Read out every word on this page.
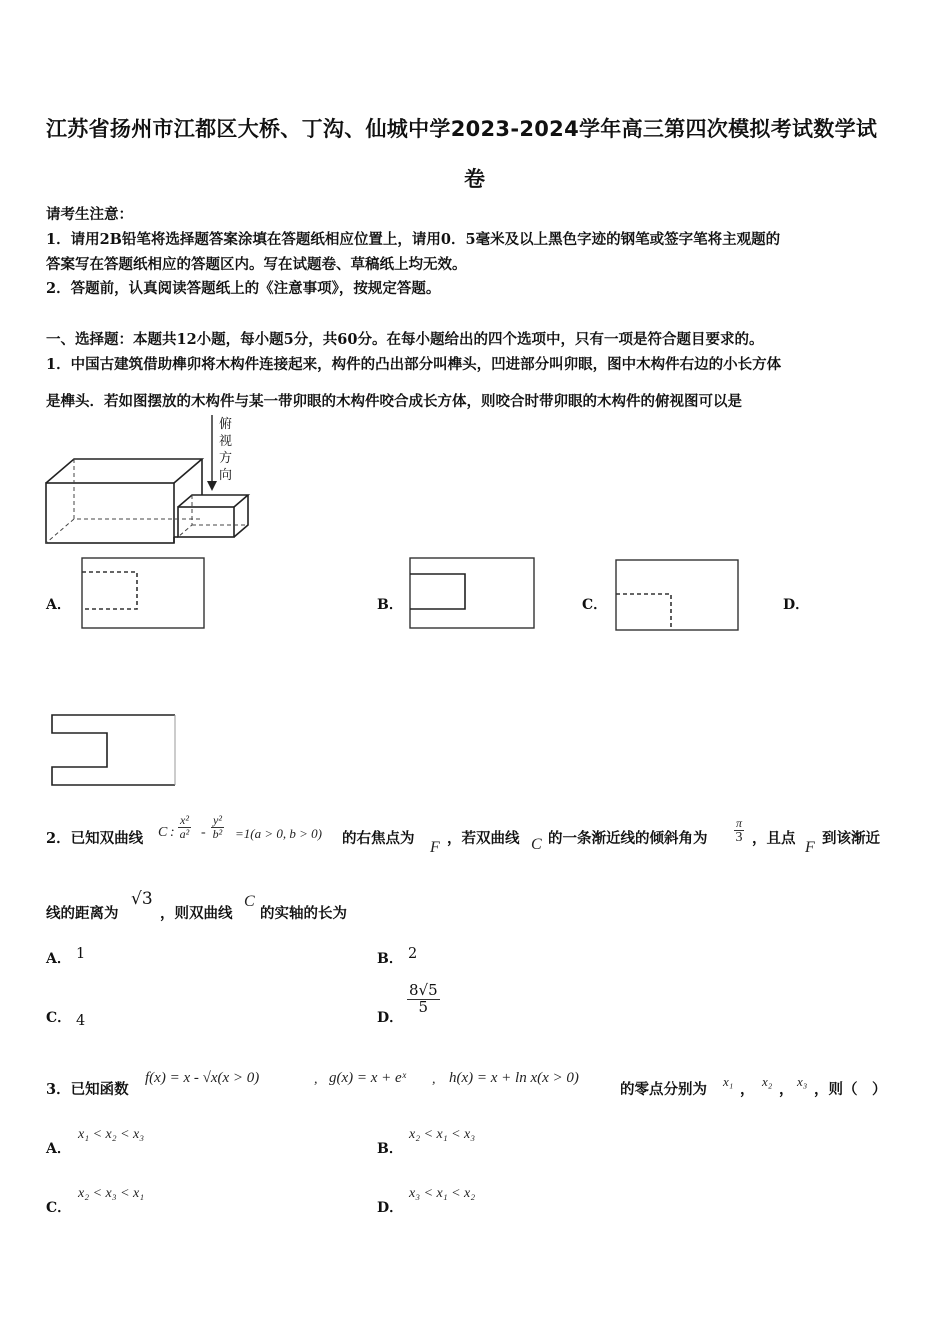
江苏省扬州市江都区大桥、丁沟、仙城中学2023-2024学年高三第四次模拟考试数学试
卷
请考生注意：
1．请用2B铅笔将选择题答案涂填在答题纸相应位置上，请用0．5毫米及以上黑色字迹的钢笔或签字笔将主观题的
答案写在答题纸相应的答题区内。写在试题卷、草稿纸上均无效。
2．答题前，认真阅读答题纸上的《注意事项》，按规定答题。
一、选择题：本题共12小题，每小题5分，共60分。在每小题给出的四个选项中，只有一项是符合题目要求的。
1．中国古建筑借助榫卯将木构件连接起来，构件的凸出部分叫榫头，凹进部分叫卯眼，图中木构件右边的小长方体
是榫头．若如图摆放的木构件与某一带卯眼的木构件咬合成长方体，则咬合时带卯眼的木构件的俯视图可以是
俯
视
方
向
A．	B．	C．	D．
2．已知双曲线 C : $\frac{\text{x²}}{\text{a²}} - \frac{\text{y²}}{\text{b²}} =1(a > 0$, b > 0) 的右焦点为
F
，若双曲线 C 的一条渐近线的倾斜角为 $\frac{\pi}{3}$ ，且点
F
到该渐近
线的距离为
√3
，则双曲线
C
的实轴的长为
A． 1	B． 2
C． 4	D．
$\frac{8√5}{5}$
3．已知函数
f(x) = x - √x(x > 0)	, g(x) = x + eˣ , h(x) = x + ln x(x > 0)
的零点分别为 x₁ ， x₂ ， x₃ ，则（　）
A．
x₁ < x₂ < x₃
B．
x₂ < x₁ < x₃
C．
x₂ < x₃ < x₁
D．
x₃ < x₁ < x₂
